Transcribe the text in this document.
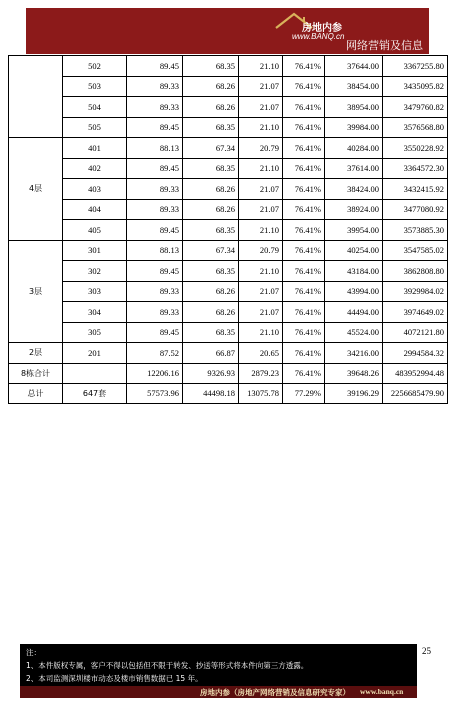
房地内参
www.BANQ.cn
网络营销及信息
	502	89.45	68.35	21.10	76.41%	37644.00	3367255.80
	503	89.33	68.26	21.07	76.41%	38454.00	3435095.82
	504	89.33	68.26	21.07	76.41%	38954.00	3479760.82
	505	89.45	68.35	21.10	76.41%	39984.00	3576568.80
4层	401	88.13	67.34	20.79	76.41%	40284.00	3550228.92
	402	89.45	68.35	21.10	76.41%	37614.00	3364572.30
	403	89.33	68.26	21.07	76.41%	38424.00	3432415.92
	404	89.33	68.26	21.07	76.41%	38924.00	3477080.92
	405	89.45	68.35	21.10	76.41%	39954.00	3573885.30
3层	301	88.13	67.34	20.79	76.41%	40254.00	3547585.02
	302	89.45	68.35	21.10	76.41%	43184.00	3862808.80
	303	89.33	68.26	21.07	76.41%	43994.00	3929984.02
	304	89.33	68.26	21.07	76.41%	44494.00	3974649.02
	305	89.45	68.35	21.10	76.41%	45524.00	4072121.80
2层	201	87.52	66.87	20.65	76.41%	34216.00	2994584.32
8栋合计		12206.16	9326.93	2879.23	76.41%	39648.26	483952994.48
总计	647套	57573.96	44498.18	13075.78	77.29%	39196.29	2256685479.90
25
注：
1、本件版权专属，客户不得以包括但不限于转发、抄送等形式将本件向第三方透露。
2、本司监测深圳楼市动态及楼市销售数据已 15 年。
房地内参（房地产网络营销及信息研究专家） www.banq.cn
